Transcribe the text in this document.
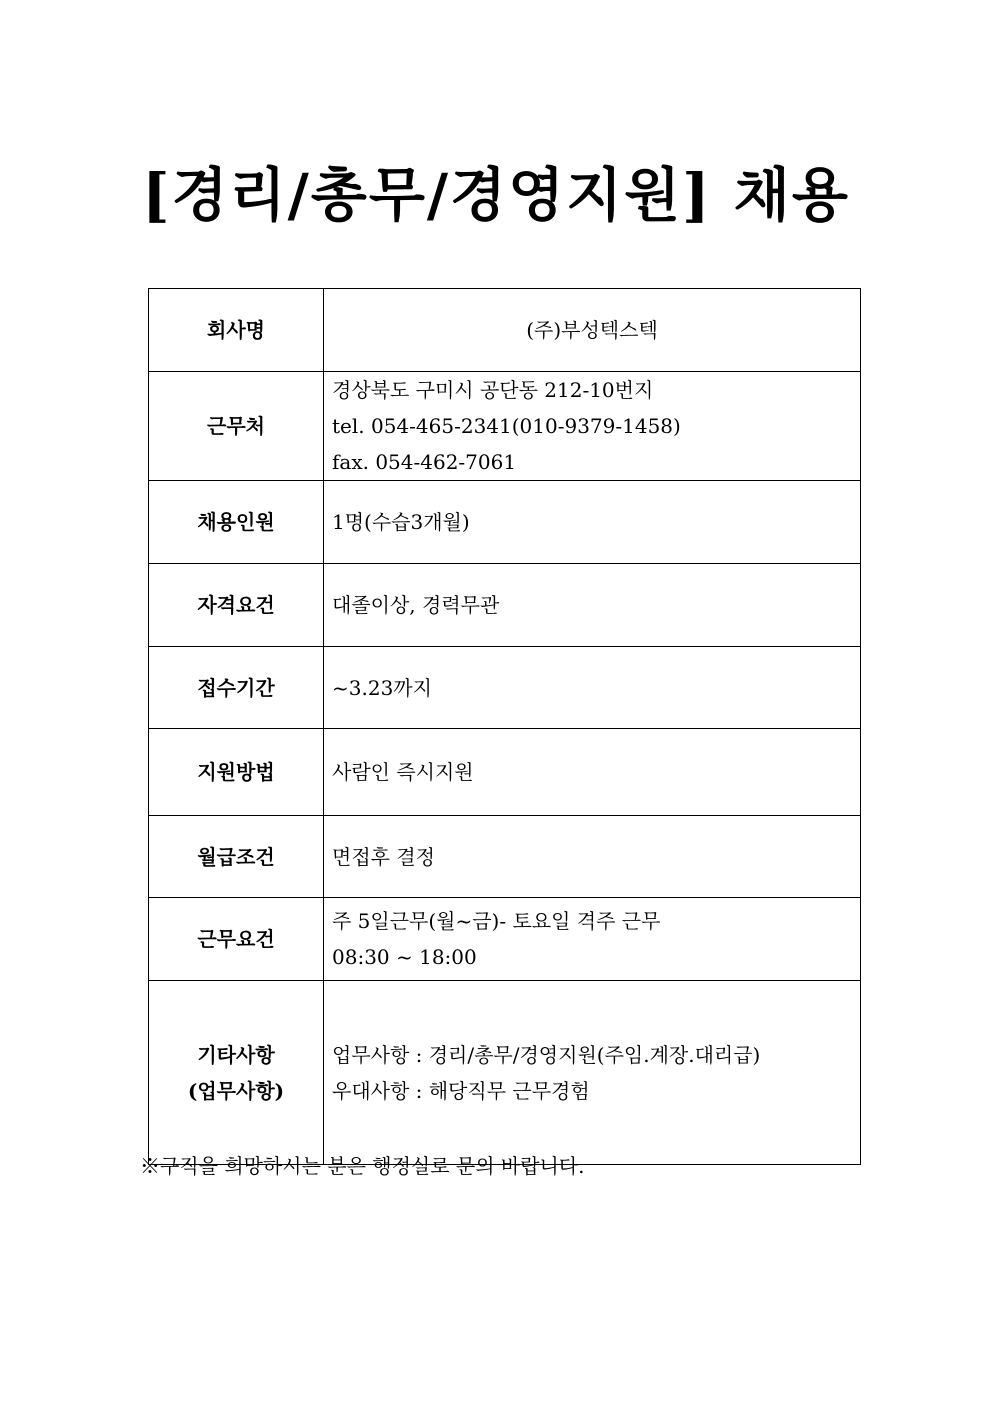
[경리/총무/경영지원] 채용
회사명	(주)부성텍스텍

근무처	경상북도 구미시 공단동 212-10번지
tel. 054-465-2341(010-9379-1458)
fax. 054-462-7061

채용인원	1명(수습3개월)

자격요건	대졸이상, 경력무관

접수기간	~3.23까지

지원방법	사람인 즉시지원

월급조건	면접후 결정

근무요건	주 5일근무(월~금)- 토요일 격주 근무
08:30 ~ 18:00

기타사항
(업무사항)	업무사항 : 경리/총무/경영지원(주임.계장.대리급)
우대사항 : 해당직무 근무경험
※구직을 희망하시는 분은 행정실로 문의 바랍니다.
